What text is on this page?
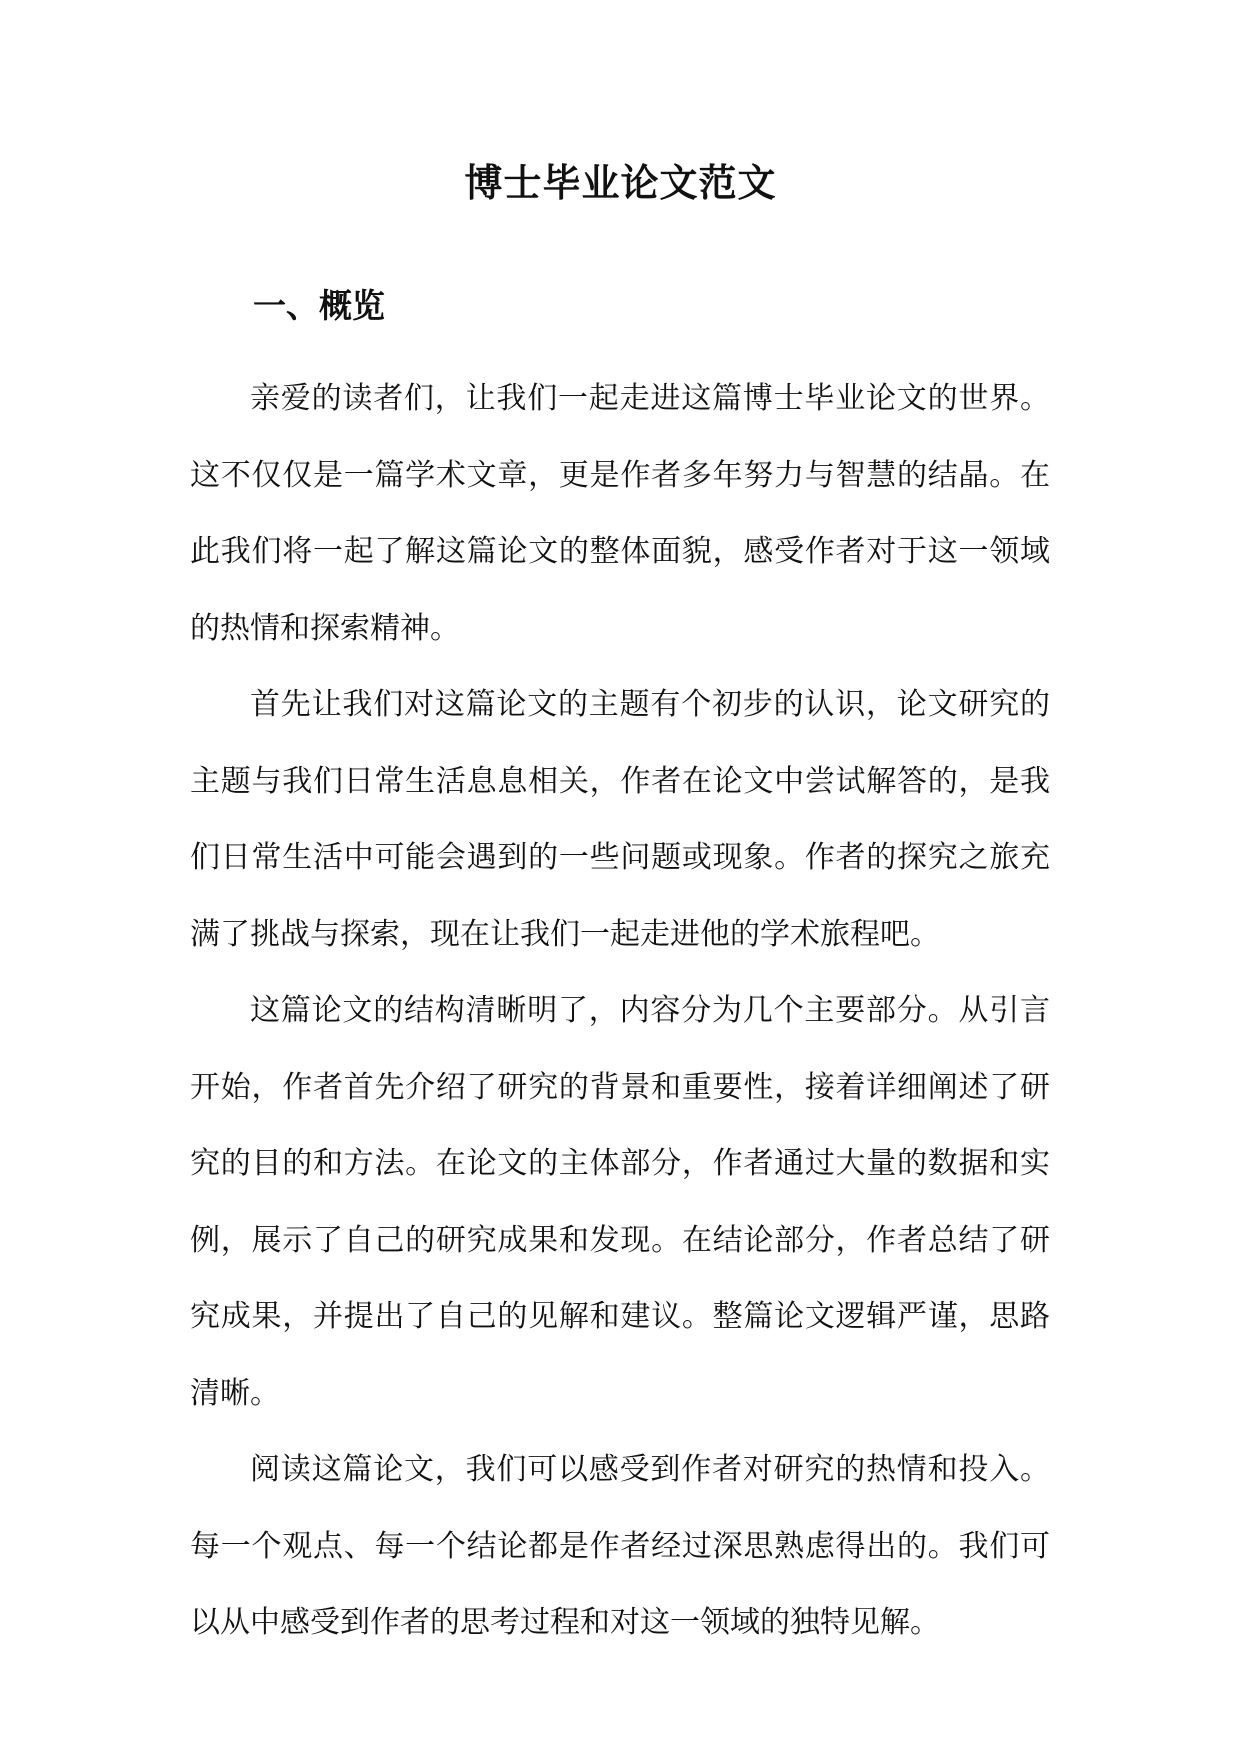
博士毕业论文范文
一、概览

亲爱的读者们，让我们一起走进这篇博士毕业论文的世界。这不仅仅是一篇学术文章，更是作者多年努力与智慧的结晶。在此我们将一起了解这篇论文的整体面貌，感受作者对于这一领域的热情和探索精神。

首先让我们对这篇论文的主题有个初步的认识，论文研究的主题与我们日常生活息息相关，作者在论文中尝试解答的，是我们日常生活中可能会遇到的一些问题或现象。作者的探究之旅充满了挑战与探索，现在让我们一起走进他的学术旅程吧。

这篇论文的结构清晰明了，内容分为几个主要部分。从引言开始，作者首先介绍了研究的背景和重要性，接着详细阐述了研究的目的和方法。在论文的主体部分，作者通过大量的数据和实例，展示了自己的研究成果和发现。在结论部分，作者总结了研究成果，并提出了自己的见解和建议。整篇论文逻辑严谨，思路清晰。

阅读这篇论文，我们可以感受到作者对研究的热情和投入。每一个观点、每一个结论都是作者经过深思熟虑得出的。我们可以从中感受到作者的思考过程和对这一领域的独特见解。
